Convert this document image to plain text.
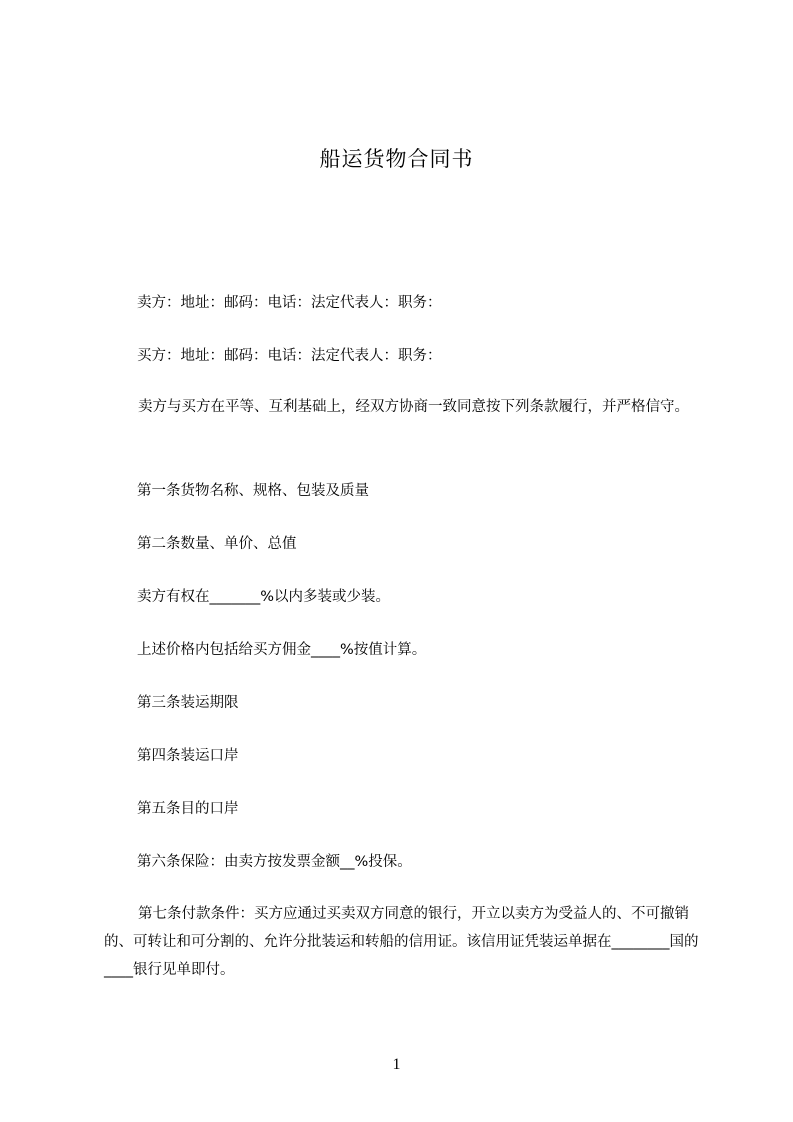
船运货物合同书
卖方：地址：邮码：电话：法定代表人：职务：
买方：地址：邮码：电话：法定代表人：职务：
卖方与买方在平等、互利基础上，经双方协商一致同意按下列条款履行，并严格信守。
第一条货物名称、规格、包装及质量
第二条数量、单价、总值
卖方有权在_______%以内多装或少装。
上述价格内包括给买方佣金____%按值计算。
第三条装运期限
第四条装运口岸
第五条目的口岸
第六条保险：由卖方按发票金额__%投保。
第七条付款条件：买方应通过买卖双方同意的银行，开立以卖方为受益人的、不可撤销的、可转让和可分割的、允许分批装运和转船的信用证。该信用证凭装运单据在________国的____银行见单即付。
1
